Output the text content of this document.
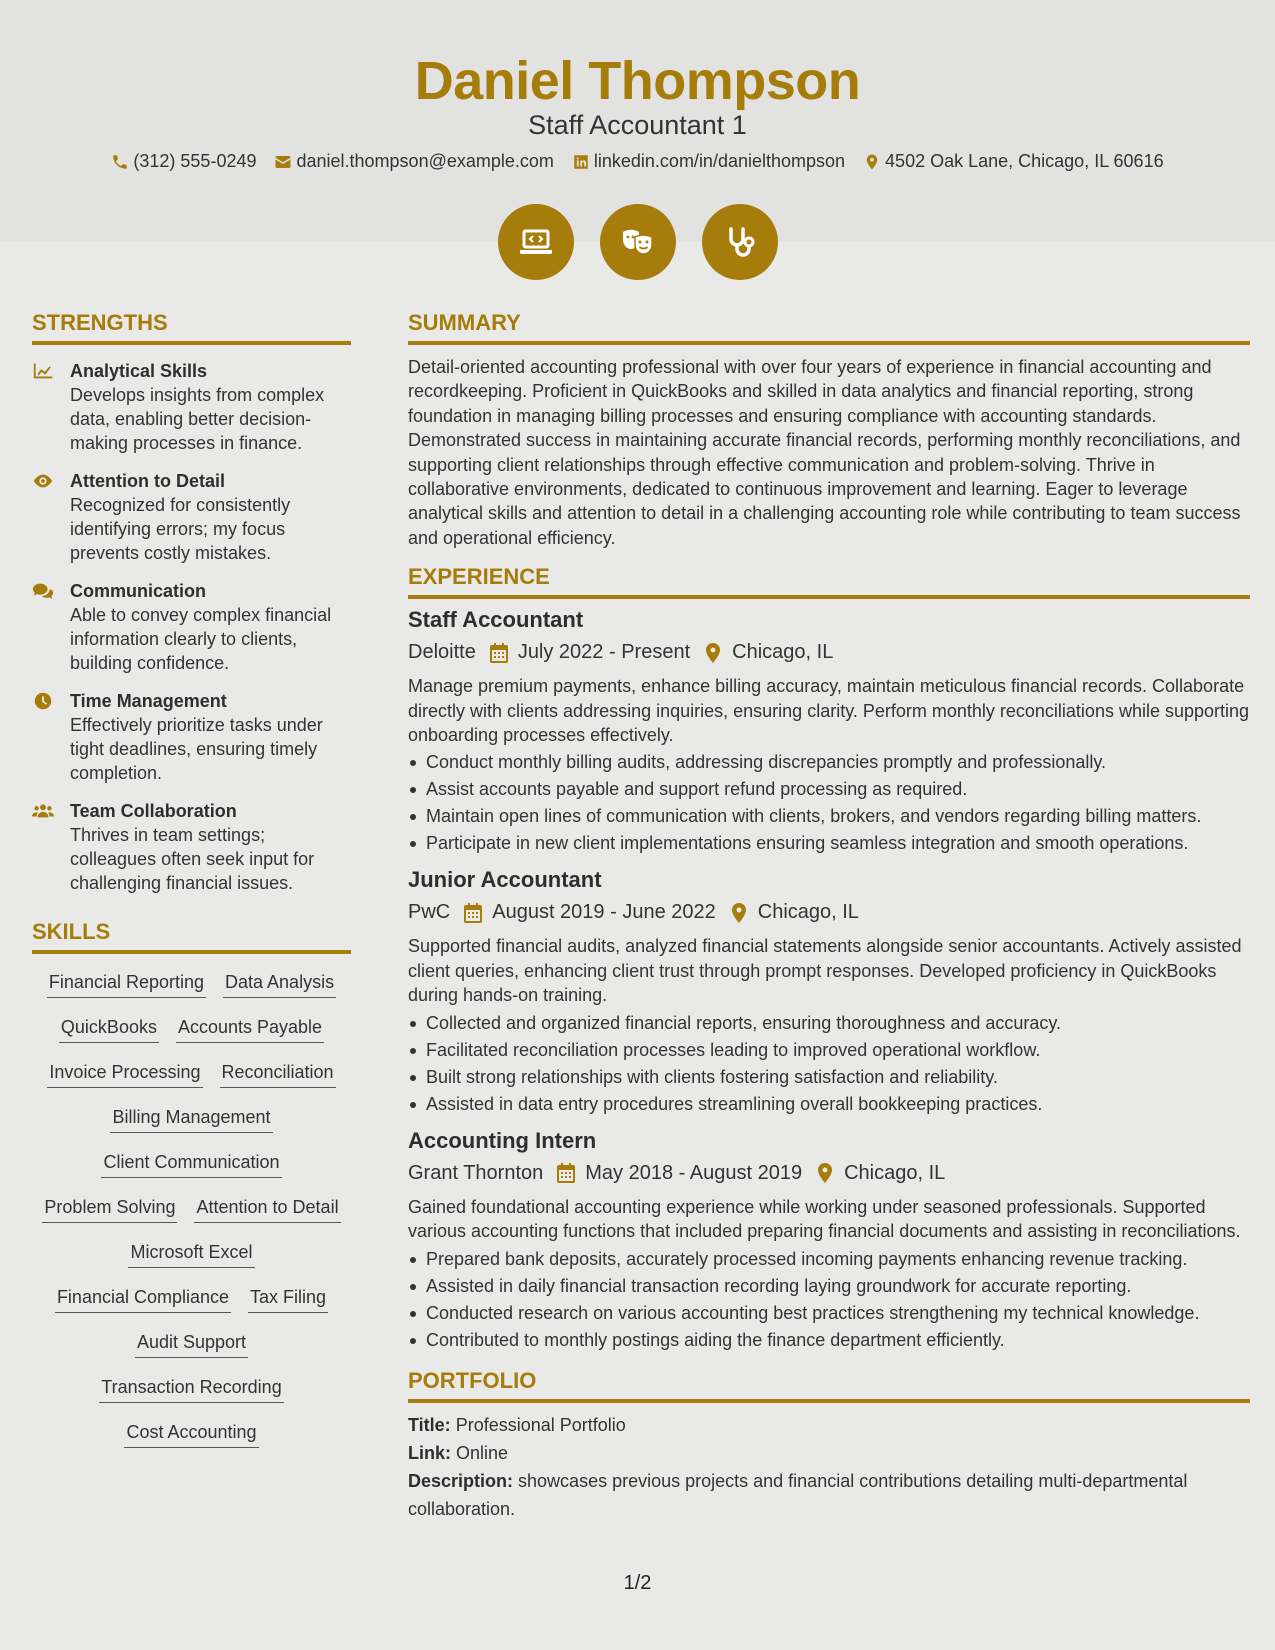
Daniel Thompson
Staff Accountant 1
(312) 555-0249 daniel.thompson@example.com linkedin.com/in/danielthompson 4502 Oak Lane, Chicago, IL 60616
STRENGTHS
Analytical Skills
Develops insights from complex data, enabling better decision-making processes in finance.
Attention to Detail
Recognized for consistently identifying errors; my focus prevents costly mistakes.
Communication
Able to convey complex financial information clearly to clients, building confidence.
Time Management
Effectively prioritize tasks under tight deadlines, ensuring timely completion.
Team Collaboration
Thrives in team settings; colleagues often seek input for challenging financial issues.
SKILLS
Financial Reporting Data Analysis
QuickBooks Accounts Payable
Invoice Processing Reconciliation
Billing Management
Client Communication
Problem Solving Attention to Detail
Microsoft Excel
Financial Compliance Tax Filing
Audit Support
Transaction Recording
Cost Accounting
SUMMARY
Detail-oriented accounting professional with over four years of experience in financial accounting and recordkeeping. Proficient in QuickBooks and skilled in data analytics and financial reporting, strong foundation in managing billing processes and ensuring compliance with accounting standards. Demonstrated success in maintaining accurate financial records, performing monthly reconciliations, and supporting client relationships through effective communication and problem-solving. Thrive in collaborative environments, dedicated to continuous improvement and learning. Eager to leverage analytical skills and attention to detail in a challenging accounting role while contributing to team success and operational efficiency.
EXPERIENCE
Staff Accountant
Deloitte July 2022 - Present Chicago, IL
Manage premium payments, enhance billing accuracy, maintain meticulous financial records. Collaborate directly with clients addressing inquiries, ensuring clarity. Perform monthly reconciliations while supporting onboarding processes effectively.
Conduct monthly billing audits, addressing discrepancies promptly and professionally.
Assist accounts payable and support refund processing as required.
Maintain open lines of communication with clients, brokers, and vendors regarding billing matters.
Participate in new client implementations ensuring seamless integration and smooth operations.
Junior Accountant
PwC August 2019 - June 2022 Chicago, IL
Supported financial audits, analyzed financial statements alongside senior accountants. Actively assisted client queries, enhancing client trust through prompt responses. Developed proficiency in QuickBooks during hands-on training.
Collected and organized financial reports, ensuring thoroughness and accuracy.
Facilitated reconciliation processes leading to improved operational workflow.
Built strong relationships with clients fostering satisfaction and reliability.
Assisted in data entry procedures streamlining overall bookkeeping practices.
Accounting Intern
Grant Thornton May 2018 - August 2019 Chicago, IL
Gained foundational accounting experience while working under seasoned professionals. Supported various accounting functions that included preparing financial documents and assisting in reconciliations.
Prepared bank deposits, accurately processed incoming payments enhancing revenue tracking.
Assisted in daily financial transaction recording laying groundwork for accurate reporting.
Conducted research on various accounting best practices strengthening my technical knowledge.
Contributed to monthly postings aiding the finance department efficiently.
PORTFOLIO
Title: Professional Portfolio
Link: Online
Description: showcases previous projects and financial contributions detailing multi-departmental collaboration.
1/2
